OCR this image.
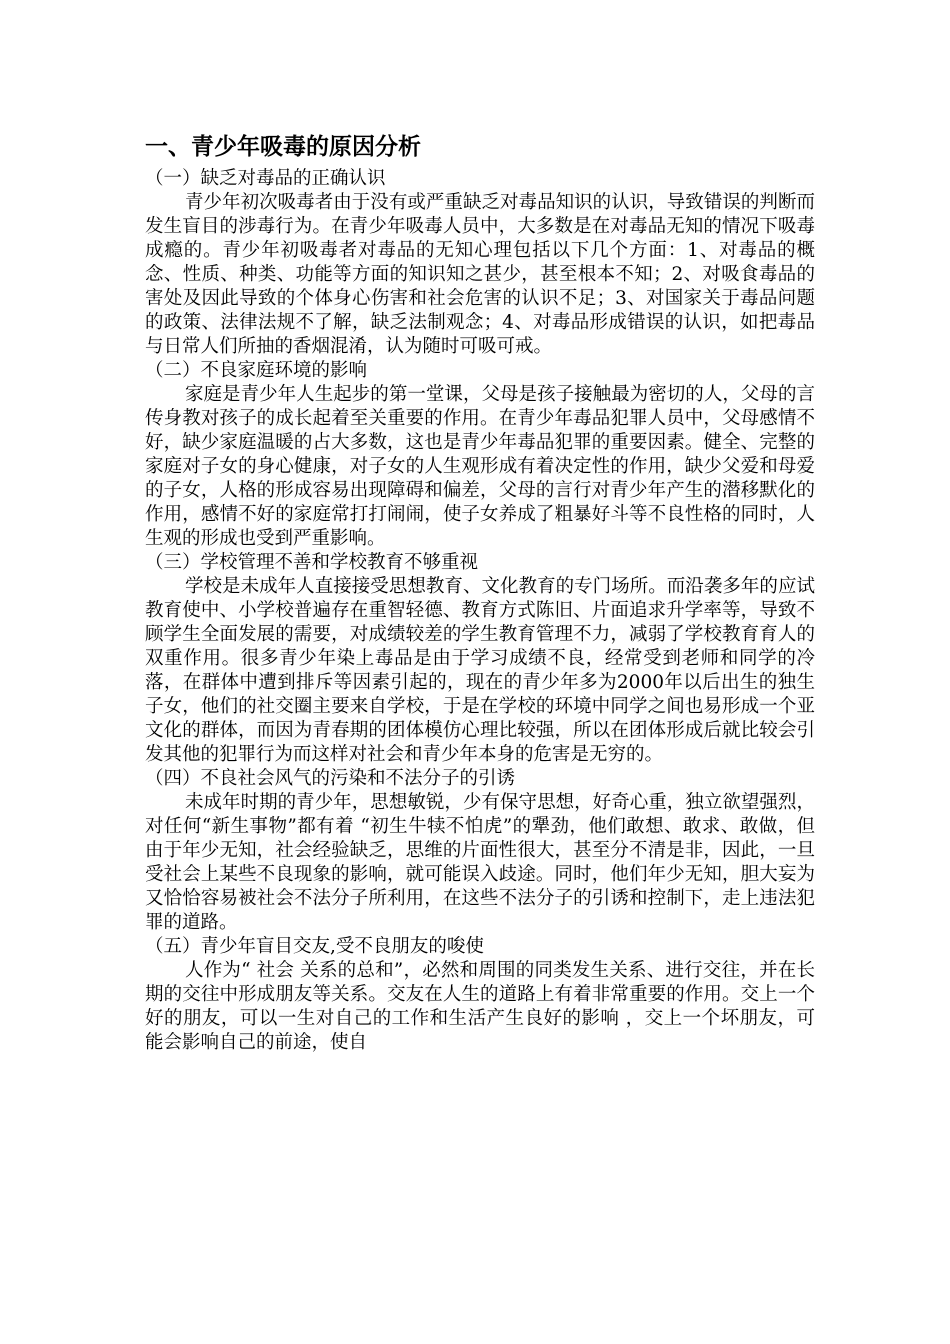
一、青少年吸毒的原因分析

（一）缺乏对毒品的正确认识

青少年初次吸毒者由于没有或严重缺乏对毒品知识的认识，导致错误的判断而发生盲目的涉毒行为。在青少年吸毒人员中，大多数是在对毒品无知的情况下吸毒成瘾的。青少年初吸毒者对毒品的无知心理包括以下几个方面：1、对毒品的概念、性质、种类、功能等方面的知识知之甚少，甚至根本不知；2、对吸食毒品的害处及因此导致的个体身心伤害和社会危害的认识不足；3、对国家关于毒品问题的政策、法律法规不了解，缺乏法制观念；4、对毒品形成错误的认识，如把毒品与日常人们所抽的香烟混淆，认为随时可吸可戒。

（二）不良家庭环境的影响

家庭是青少年人生起步的第一堂课，父母是孩子接触最为密切的人，父母的言传身教对孩子的成长起着至关重要的作用。在青少年毒品犯罪人员中，父母感情不好，缺少家庭温暖的占大多数，这也是青少年毒品犯罪的重要因素。健全、完整的家庭对子女的身心健康，对子女的人生观形成有着决定性的作用，缺少父爱和母爱的子女，人格的形成容易出现障碍和偏差，父母的言行对青少年产生的潜移默化的作用，感情不好的家庭常打打闹闹，使子女养成了粗暴好斗等不良性格的同时，人生观的形成也受到严重影响。

（三）学校管理不善和学校教育不够重视

学校是未成年人直接接受思想教育、文化教育的专门场所。而沿袭多年的应试教育使中、小学校普遍存在重智轻德、教育方式陈旧、片面追求升学率等，导致不顾学生全面发展的需要，对成绩较差的学生教育管理不力，减弱了学校教育育人的双重作用。很多青少年染上毒品是由于学习成绩不良，经常受到老师和同学的冷落，在群体中遭到排斥等因素引起的，现在的青少年多为2000年以后出生的独生子女，他们的社交圈主要来自学校，于是在学校的环境中同学之间也易形成一个亚文化的群体，而因为青春期的团体模仿心理比较强，所以在团体形成后就比较会引发其他的犯罪行为而这样对社会和青少年本身的危害是无穷的。

（四）不良社会风气的污染和不法分子的引诱

未成年时期的青少年，思想敏锐，少有保守思想，好奇心重，独立欲望强烈，对任何“新生事物”都有着 “初生牛犊不怕虎”的犟劲，他们敢想、敢求、敢做，但由于年少无知，社会经验缺乏，思维的片面性很大，甚至分不清是非，因此，一旦受社会上某些不良现象的影响，就可能误入歧途。同时，他们年少无知，胆大妄为又恰恰容易被社会不法分子所利用，在这些不法分子的引诱和控制下，走上违法犯罪的道路。

（五）青少年盲目交友,受不良朋友的唆使

人作为“ 社会 关系的总和”，必然和周围的同类发生关系、进行交往，并在长期的交往中形成朋友等关系。交友在人生的道路上有着非常重要的作用。交上一个好的朋友，可以一生对自己的工作和生活产生良好的影响 ，交上一个坏朋友，可能会影响自己的前途，使自
